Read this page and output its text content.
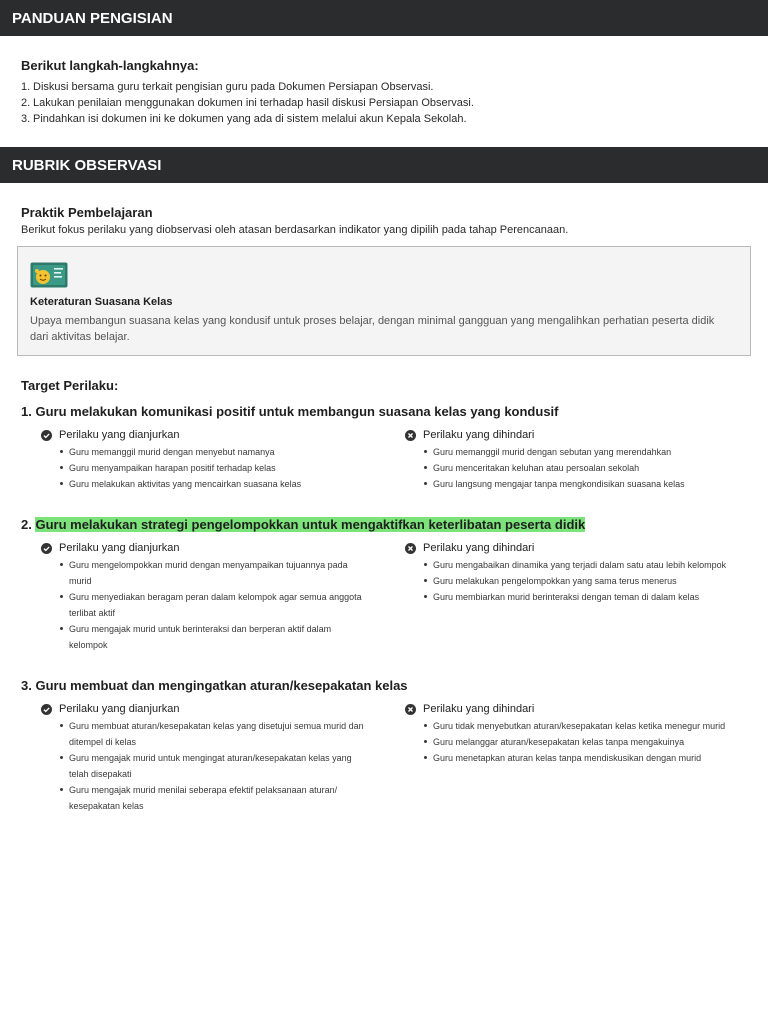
PANDUAN PENGISIAN
Berikut langkah-langkahnya:
1. Diskusi bersama guru terkait pengisian guru pada Dokumen Persiapan Observasi.
2. Lakukan penilaian menggunakan dokumen ini terhadap hasil diskusi Persiapan Observasi.
3. Pindahkan isi dokumen ini ke dokumen yang ada di sistem melalui akun Kepala Sekolah.
RUBRIK OBSERVASI
Praktik Pembelajaran
Berikut fokus perilaku yang diobservasi oleh atasan berdasarkan indikator yang dipilih pada tahap Perencanaan.
Keteraturan Suasana Kelas
Upaya membangun suasana kelas yang kondusif untuk proses belajar, dengan minimal gangguan yang mengalihkan perhatian peserta didik dari aktivitas belajar.
Target Perilaku:
1. Guru melakukan komunikasi positif untuk membangun suasana kelas yang kondusif
Perilaku yang dianjurkan
Guru memanggil murid dengan menyebut namanya
Guru menyampaikan harapan positif terhadap kelas
Guru melakukan aktivitas yang mencairkan suasana kelas
Perilaku yang dihindari
Guru memanggil murid dengan sebutan yang merendahkan
Guru menceritakan keluhan atau persoalan sekolah
Guru langsung mengajar tanpa mengkondisikan suasana kelas
2. Guru melakukan strategi pengelompokkan untuk mengaktifkan keterlibatan peserta didik
Perilaku yang dianjurkan
Guru mengelompokkan murid dengan menyampaikan tujuannya pada murid
Guru menyediakan beragam peran dalam kelompok agar semua anggota terlibat aktif
Guru mengajak murid untuk berinteraksi dan berperan aktif dalam kelompok
Perilaku yang dihindari
Guru mengabaikan dinamika yang terjadi dalam satu atau lebih kelompok
Guru melakukan pengelompokkan yang sama terus menerus
Guru membiarkan murid berinteraksi dengan teman di dalam kelas
3. Guru membuat dan mengingatkan aturan/kesepakatan kelas
Perilaku yang dianjurkan
Guru membuat aturan/kesepakatan kelas yang disetujui semua murid dan ditempel di kelas
Guru mengajak murid untuk mengingat aturan/kesepakatan kelas yang telah disepakati
Guru mengajak murid menilai seberapa efektif pelaksanaan aturan/ kesepakatan kelas
Perilaku yang dihindari
Guru tidak menyebutkan aturan/kesepakatan kelas ketika menegur murid
Guru melanggar aturan/kesepakatan kelas tanpa mengakuinya
Guru menetapkan aturan kelas tanpa mendiskusikan dengan murid
